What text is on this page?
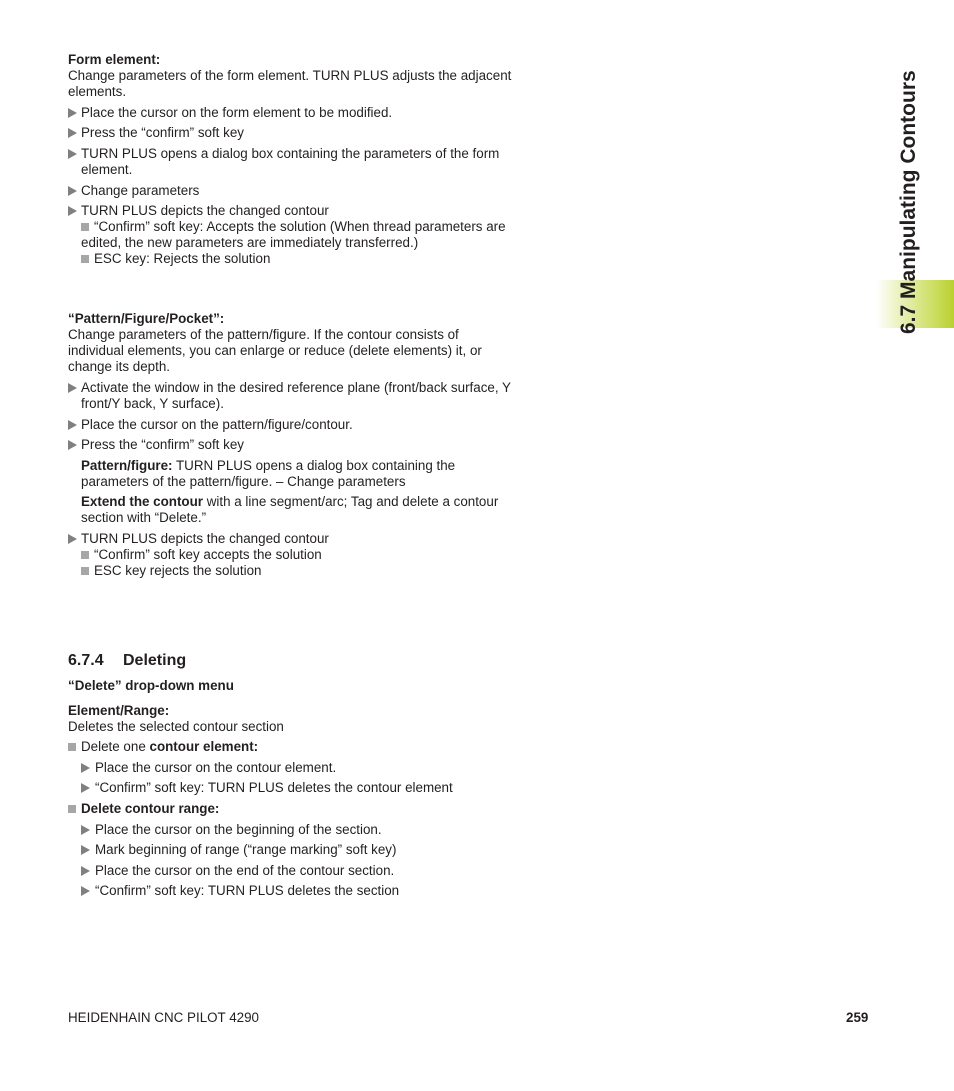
6.7 Manipulating Contours
Form element:
Change parameters of the form element. TURN PLUS adjusts the adjacent elements.
Place the cursor on the form element to be modified.
Press the “confirm” soft key
TURN PLUS opens a dialog box containing the parameters of the form element.
Change parameters
TURN PLUS depicts the changed contour
“Confirm” soft key: Accepts the solution (When thread parameters are edited, the new parameters are immediately transferred.)
ESC key: Rejects the solution
“Pattern/Figure/Pocket”:
Change parameters of the pattern/figure. If the contour consists of individual elements, you can enlarge or reduce (delete elements) it, or change its depth.
Activate the window in the desired reference plane (front/back surface, Y front/Y back, Y surface).
Place the cursor on the pattern/figure/contour.
Press the “confirm” soft key
Pattern/figure: TURN PLUS opens a dialog box containing the parameters of the pattern/figure. – Change parameters
Extend the contour with a line segment/arc; Tag and delete a contour section with “Delete.”
TURN PLUS depicts the changed contour
“Confirm” soft key accepts the solution
ESC key rejects the solution
6.7.4 Deleting
“Delete” drop-down menu
Element/Range:
Deletes the selected contour section
Delete one contour element:
Place the cursor on the contour element.
“Confirm” soft key: TURN PLUS deletes the contour element
Delete contour range:
Place the cursor on the beginning of the section.
Mark beginning of range (“range marking” soft key)
Place the cursor on the end of the contour section.
“Confirm” soft key: TURN PLUS deletes the section
HEIDENHAIN CNC PILOT 4290	259
